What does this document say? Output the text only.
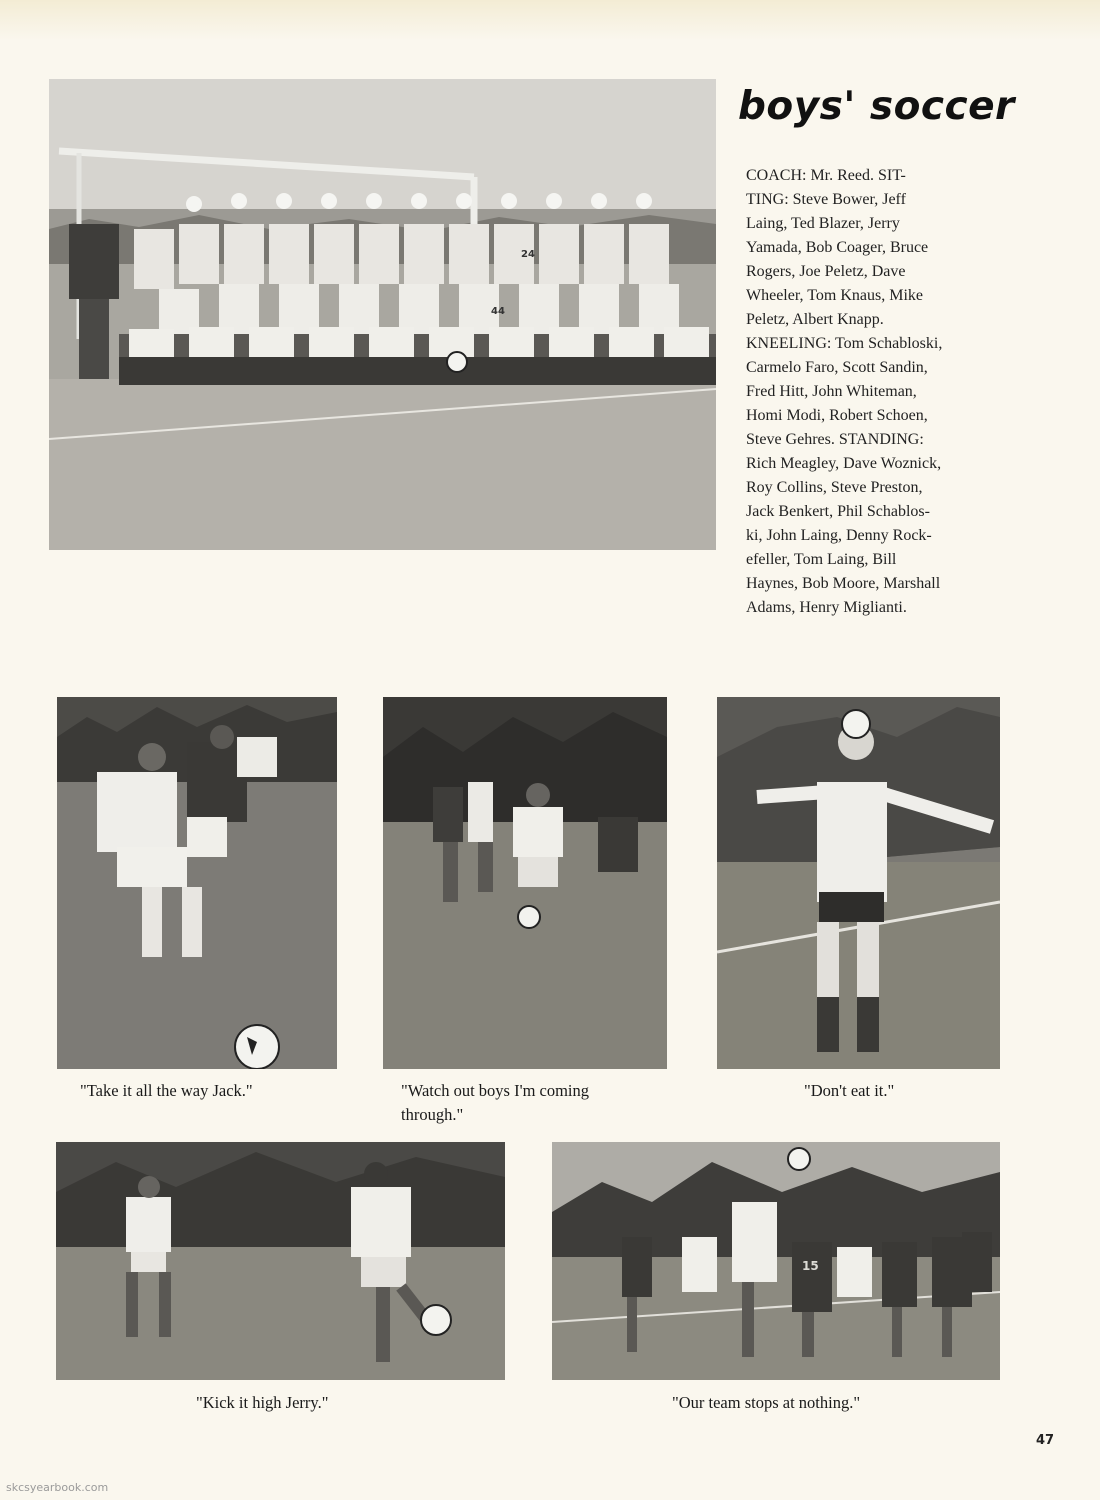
24
44
boys' soccer
COACH: Mr. Reed. SIT-
TING: Steve Bower, Jeff
Laing, Ted Blazer, Jerry
Yamada, Bob Coager, Bruce
Rogers, Joe Peletz, Dave
Wheeler, Tom Knaus, Mike
Peletz, Albert Knapp.
KNEELING: Tom Schabloski,
Carmelo Faro, Scott Sandin,
Fred Hitt, John Whiteman,
Homi Modi, Robert Schoen,
Steve Gehres. STANDING:
Rich Meagley, Dave Woznick,
Roy Collins, Steve Preston,
Jack Benkert, Phil Schablos-
ki, John Laing, Denny Rock-
efeller, Tom Laing, Bill
Haynes, Bob Moore, Marshall
Adams, Henry Miglianti.
"Take it all the way Jack."	"Watch out boys I'm coming
through."
"Don't eat it."
"Kick it high Jerry."
15
"Our team stops at nothing."
47
skcsyearbook.com
